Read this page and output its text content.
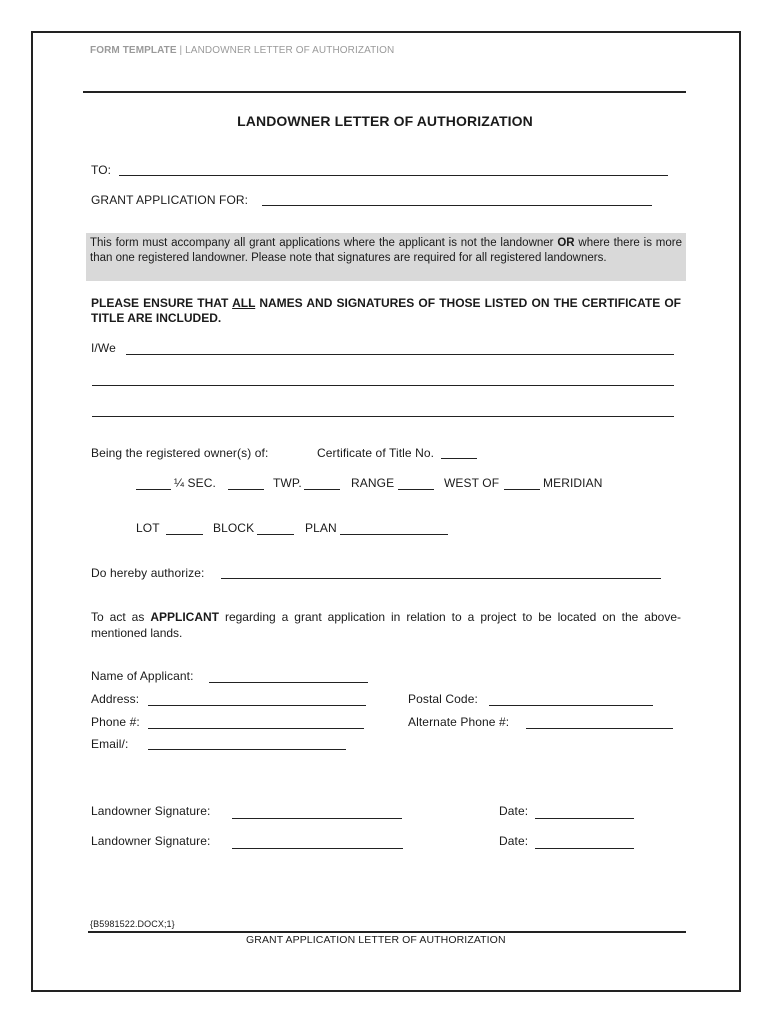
FORM TEMPLATE | LANDOWNER LETTER OF AUTHORIZATION
LANDOWNER LETTER OF AUTHORIZATION
TO:
GRANT APPLICATION FOR:

This form must accompany all grant applications where the applicant is not the landowner OR where there is more than one registered landowner. Please note that signatures are required for all registered landowners.

PLEASE ENSURE THAT ALL NAMES AND SIGNATURES OF THOSE LISTED ON THE CERTIFICATE OF TITLE ARE INCLUDED.
I/We
Being the registered owner(s) of:	Certificate of Title No.
¼ SEC.	TWP.	RANGE	WEST OF	MERIDIAN
LOT	BLOCK	PLAN
Do hereby authorize:
To act as APPLICANT regarding a grant application in relation to a project to be located on the above-mentioned lands.
Name of Applicant:
Address:	Postal Code:
Phone #:	Alternate Phone #:
Email/:
Landowner Signature:	Date:
Landowner Signature:	Date:
{B5981522.DOCX;1}
GRANT APPLICATION LETTER OF AUTHORIZATION
